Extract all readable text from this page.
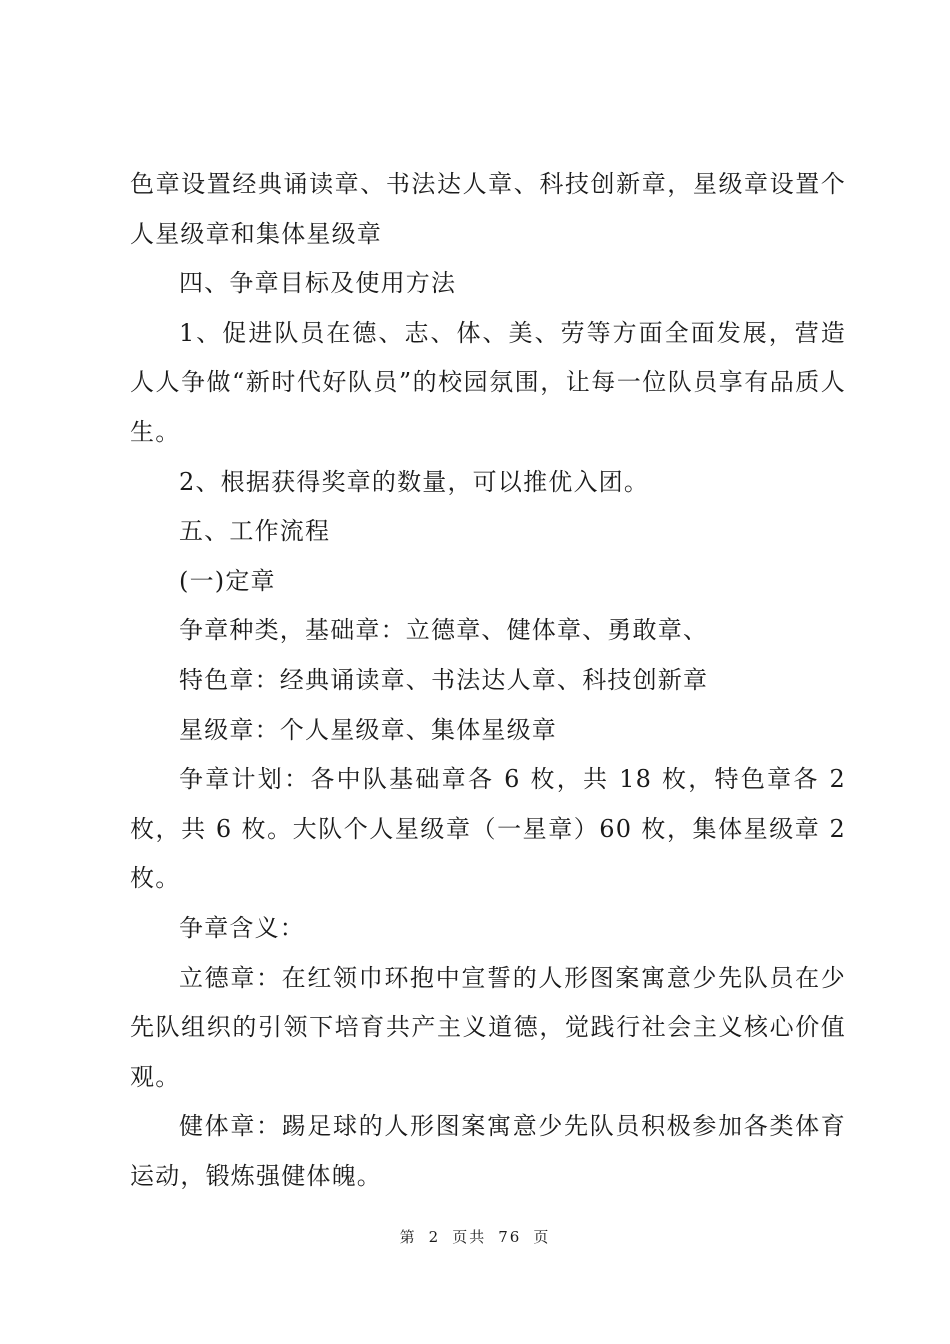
色章设置经典诵读章、书法达人章、科技创新章，星级章设置个人星级章和集体星级章

四、争章目标及使用方法

1、促进队员在德、志、体、美、劳等方面全面发展，营造人人争做“新时代好队员”的校园氛围，让每一位队员享有品质人生。

2、根据获得奖章的数量，可以推优入团。

五、工作流程

(一)定章

争章种类，基础章：立德章、健体章、勇敢章、

特色章：经典诵读章、书法达人章、科技创新章

星级章：个人星级章、集体星级章

争章计划：各中队基础章各 6 枚，共 18 枚，特色章各 2 枚，共 6 枚。大队个人星级章（一星章）60 枚，集体星级章 2 枚。

争章含义：

立德章：在红领巾环抱中宣誓的人形图案寓意少先队员在少先队组织的引领下培育共产主义道德，觉践行社会主义核心价值观。

健体章：踢足球的人形图案寓意少先队员积极参加各类体育运动，锻炼强健体魄。

第 2 页共 76 页
